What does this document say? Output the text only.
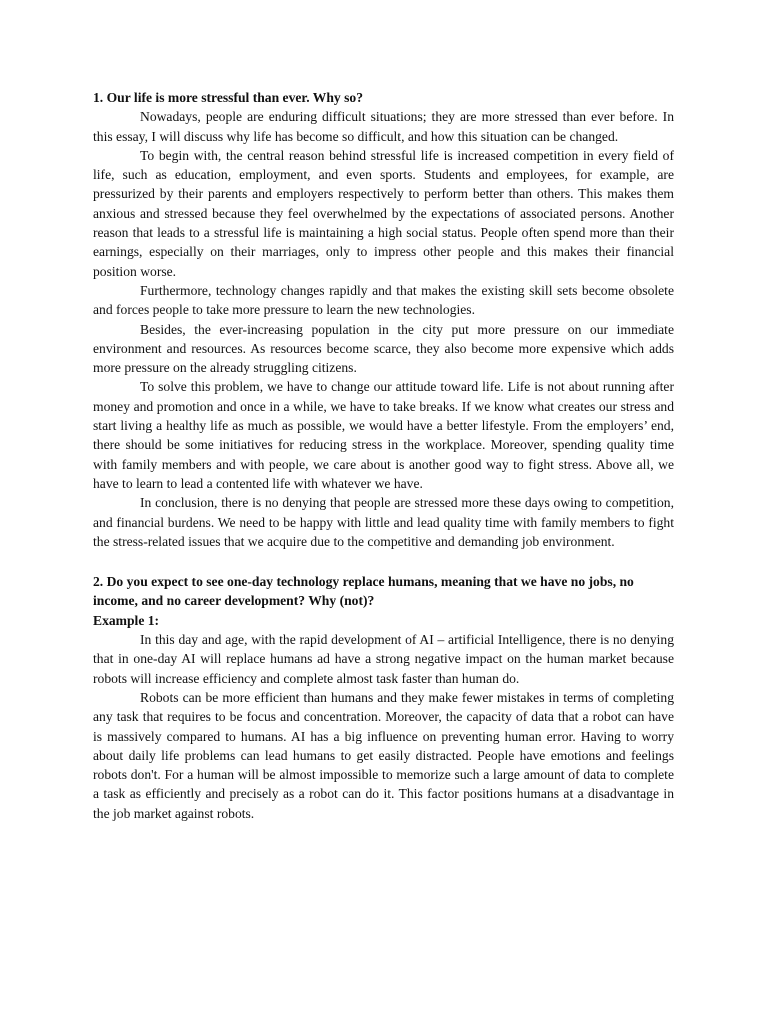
1. Our life is more stressful than ever. Why so?

Nowadays, people are enduring difficult situations; they are more stressed than ever before. In this essay, I will discuss why life has become so difficult, and how this situation can be changed.

To begin with, the central reason behind stressful life is increased competition in every field of life, such as education, employment, and even sports. Students and employees, for example, are pressurized by their parents and employers respectively to perform better than others. This makes them anxious and stressed because they feel overwhelmed by the expectations of associated persons. Another reason that leads to a stressful life is maintaining a high social status. People often spend more than their earnings, especially on their marriages, only to impress other people and this makes their financial position worse.

Furthermore, technology changes rapidly and that makes the existing skill sets become obsolete and forces people to take more pressure to learn the new technologies.

Besides, the ever-increasing population in the city put more pressure on our immediate environment and resources. As resources become scarce, they also become more expensive which adds more pressure on the already struggling citizens.

To solve this problem, we have to change our attitude toward life. Life is not about running after money and promotion and once in a while, we have to take breaks. If we know what creates our stress and start living a healthy life as much as possible, we would have a better lifestyle. From the employers’ end, there should be some initiatives for reducing stress in the workplace. Moreover, spending quality time with family members and with people, we care about is another good way to fight stress. Above all, we have to learn to lead a contented life with whatever we have.

In conclusion, there is no denying that people are stressed more these days owing to competition, and financial burdens. We need to be happy with little and lead quality time with family members to fight the stress-related issues that we acquire due to the competitive and demanding job environment.

2. Do you expect to see one-day technology replace humans, meaning that we have no jobs, no income, and no career development? Why (not)?

Example 1:

In this day and age, with the rapid development of AI – artificial Intelligence, there is no denying that in one-day AI will replace humans ad have a strong negative impact on the human market because robots will increase efficiency and complete almost task faster than human do.

Robots can be more efficient than humans and they make fewer mistakes in terms of completing any task that requires to be focus and concentration. Moreover, the capacity of data that a robot can have is massively compared to humans. AI has a big influence on preventing human error. Having to worry about daily life problems can lead humans to get easily distracted. People have emotions and feelings robots don't. For a human will be almost impossible to memorize such a large amount of data to complete a task as efficiently and precisely as a robot can do it. This factor positions humans at a disadvantage in the job market against robots.
